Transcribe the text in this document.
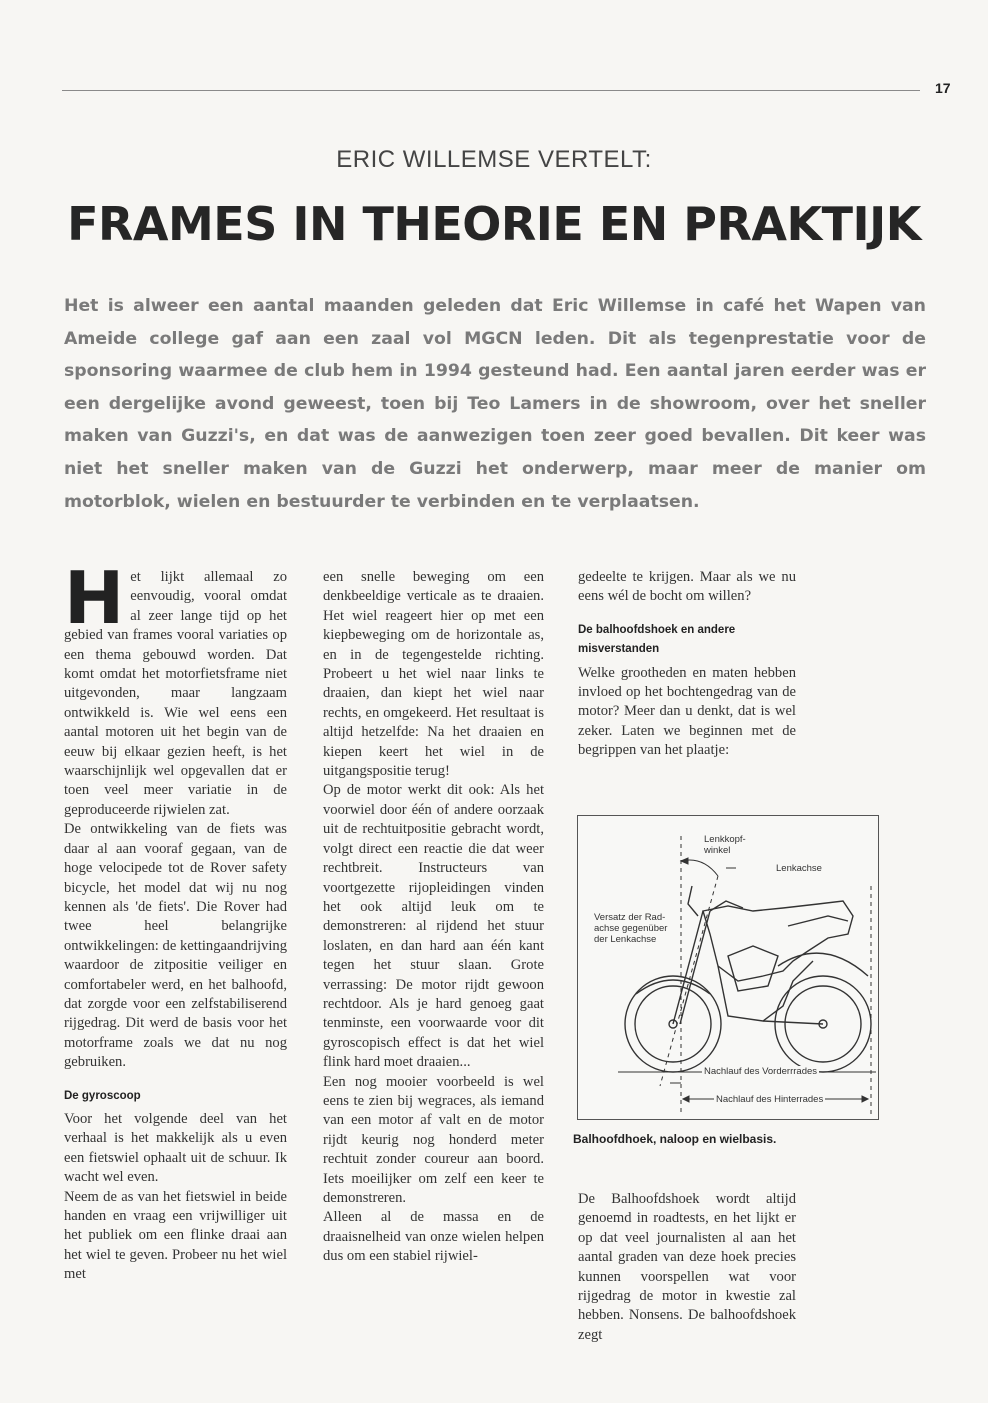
17
ERIC WILLEMSE VERTELT:
FRAMES IN THEORIE EN PRAKTIJK
Het is alweer een aantal maanden geleden dat Eric Willemse in café het Wapen van Ameide college gaf aan een zaal vol MGCN leden. Dit als tegenprestatie voor de sponsoring waarmee de club hem in 1994 gesteund had. Een aantal jaren eerder was er een dergelijke avond geweest, toen bij Teo Lamers in de showroom, over het sneller maken van Guzzi's, en dat was de aanwezigen toen zeer goed bevallen. Dit keer was niet het sneller maken van de Guzzi het onderwerp, maar meer de manier om motorblok, wielen en bestuurder te verbinden en te verplaatsen.

Het lijkt allemaal zo eenvoudig, vooral omdat al zeer lange tijd op het gebied van frames vooral variaties op een thema gebouwd worden. Dat komt omdat het motorfietsframe niet uitgevonden, maar langzaam ontwikkeld is. Wie wel eens een aantal motoren uit het begin van de eeuw bij elkaar gezien heeft, is het waarschijnlijk wel opgevallen dat er toen veel meer variatie in de geproduceerde rijwielen zat.

De ontwikkeling van de fiets was daar al aan vooraf gegaan, van de hoge velocipede tot de Rover safety bicycle, het model dat wij nu nog kennen als 'de fiets'. Die Rover had twee heel belangrijke ontwikkelingen: de kettingaandrijving waardoor de zitpositie veiliger en comfortabeler werd, en het balhoofd, dat zorgde voor een zelfstabiliserend rijgedrag. Dit werd de basis voor het motorframe zoals we dat nu nog gebruiken.

De gyroscoop

Voor het volgende deel van het verhaal is het makkelijk als u even een fietswiel ophaalt uit de schuur. Ik wacht wel even.

Neem de as van het fietswiel in beide handen en vraag een vrijwilliger uit het publiek om een flinke draai aan het wiel te geven. Probeer nu het wiel met

een snelle beweging om een denkbeeldige verticale as te draaien. Het wiel reageert hier op met een kiepbeweging om de horizontale as, en in de tegengestelde richting. Probeert u het wiel naar links te draaien, dan kiept het wiel naar rechts, en omgekeerd. Het resultaat is altijd hetzelfde: Na het draaien en kiepen keert het wiel in de uitgangspositie terug!

Op de motor werkt dit ook: Als het voorwiel door één of andere oorzaak uit de rechtuitpositie gebracht wordt, volgt direct een reactie die dat weer rechtbreit. Instructeurs van voortgezette rijopleidingen vinden het ook altijd leuk om te demonstreren: al rijdend het stuur loslaten, en dan hard aan één kant tegen het stuur slaan. Grote verrassing: De motor rijdt gewoon rechtdoor. Als je hard genoeg gaat tenminste, een voorwaarde voor dit gyroscopisch effect is dat het wiel flink hard moet draaien...

Een nog mooier voorbeeld is wel eens te zien bij wegraces, als iemand van een motor af valt en de motor rijdt keurig nog honderd meter rechtuit zonder coureur aan boord. Iets moeilijker om zelf een keer te demonstreren.

Alleen al de massa en de draaisnelheid van onze wielen helpen dus om een stabiel rijwiel-

gedeelte te krijgen. Maar als we nu eens wél de bocht om willen?

De balhoofdshoek en andere misverstanden

Welke grootheden en maten hebben invloed op het bochtengedrag van de motor? Meer dan u denkt, dat is wel zeker. Laten we beginnen met de begrippen van het plaatje:

Lenkkopf-
winkel
Lenkachse
Versatz der Rad-
achse gegenüber
der Lenkachse
Nachlauf des Vorderrrades
Nachlauf des Hinterrades
Balhoofdhoek, naloop en wielbasis.

De Balhoofdshoek wordt altijd genoemd in roadtests, en het lijkt er op dat veel journalisten al aan het aantal graden van deze hoek precies kunnen voorspellen wat voor rijgedrag de motor in kwestie zal hebben. Nonsens. De balhoofdshoek zegt
